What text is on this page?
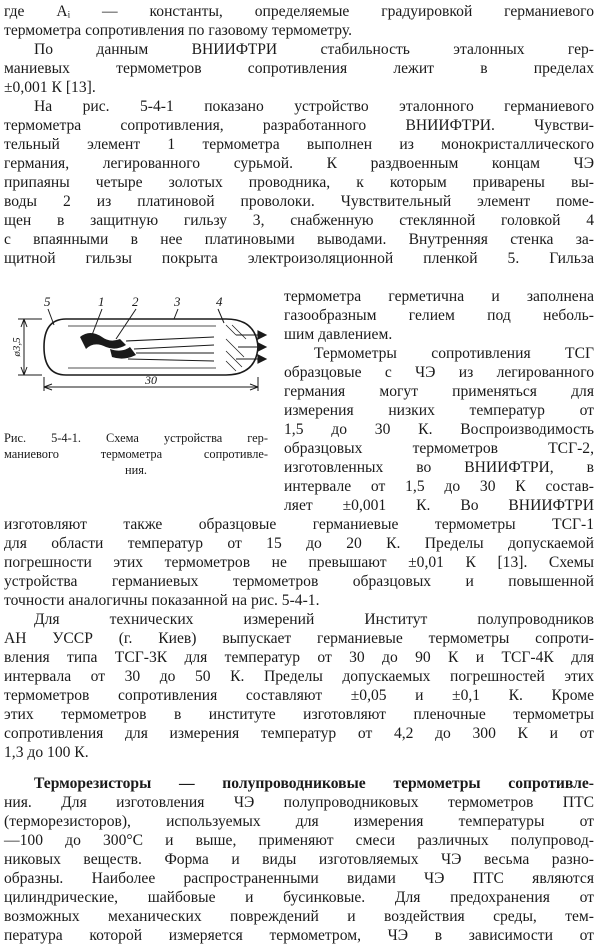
где Aᵢ — константы, определяемые градуировкой германиевого
термометра сопротивления по газовому термометру.
По данным ВНИИФТРИ стабильность эталонных гер-
маниевых термометров сопротивления лежит в пределах
±0,001 К [13].
На рис. 5-4-1 показано устройство эталонного германиевого
термометра сопротивления, разработанного ВНИИФТРИ. Чувстви-
тельный элемент 1 термометра выполнен из монокристаллического
германия, легированного сурьмой. К раздвоенным концам ЧЭ
припаяны четыре золотых проводника, к которым приварены вы-
воды 2 из платиновой проволоки. Чувствительный элемент поме-
щен в защитную гильзу 3, снабженную стеклянной головкой 4
с впаянными в нее платиновыми выводами. Внутренняя стенка за-
щитной гильзы покрыта электроизоляционной пленкой 5. Гильза
5	1 2	3	4
ø3,5
30
Рис. 5-4-1. Схема устройства гер-
маниевого термометра сопротивле-
ния.
термометра герметична и заполнена
газообразным гелием под неболь-
шим давлением.
Термометры сопротивления ТСГ
образцовые с ЧЭ из легированного
германия могут применяться для
измерения низких температур от
1,5 до 30 К. Воспроизводимость
образцовых термометров ТСГ-2,
изготовленных во ВНИИФТРИ, в
интервале от 1,5 до 30 К состав-
ляет ±0,001 К. Во ВНИИФТРИ
изготовляют также образцовые германиевые термометры ТСГ-1
для области температур от 15 до 20 К. Пределы допускаемой
погрешности этих термометров не превышают ±0,01 К [13]. Схемы
устройства германиевых термометров образцовых и повышенной
точности аналогичны показанной на рис. 5-4-1.
Для технических измерений Институт полупроводников
АН УССР (г. Киев) выпускает германиевые термометры сопроти-
вления типа ТСГ-3К для температур от 30 до 90 К и ТСГ-4К для
интервала от 30 до 50 К. Пределы допускаемых погрешностей этих
термометров сопротивления составляют ±0,05 и ±0,1 К. Кроме
этих термометров в институте изготовляют пленочные термометры
сопротивления для измерения температур от 4,2 до 300 К и от
1,3 до 100 К.
Терморезисторы — полупроводниковые термометры сопротивле-
ния. Для изготовления ЧЭ полупроводниковых термометров ПТС
(терморезисторов), используемых для измерения температуры от
—100 до 300°С и выше, применяют смеси различных полупровод-
никовых веществ. Форма и виды изготовляемых ЧЭ весьма разно-
образны. Наиболее распространенными видами ЧЭ ПТС являются
цилиндрические, шайбовые и бусинковые. Для предохранения от
возможных механических повреждений и воздействия среды, тем-
пература которой измеряется термометром, ЧЭ в зависимости от
